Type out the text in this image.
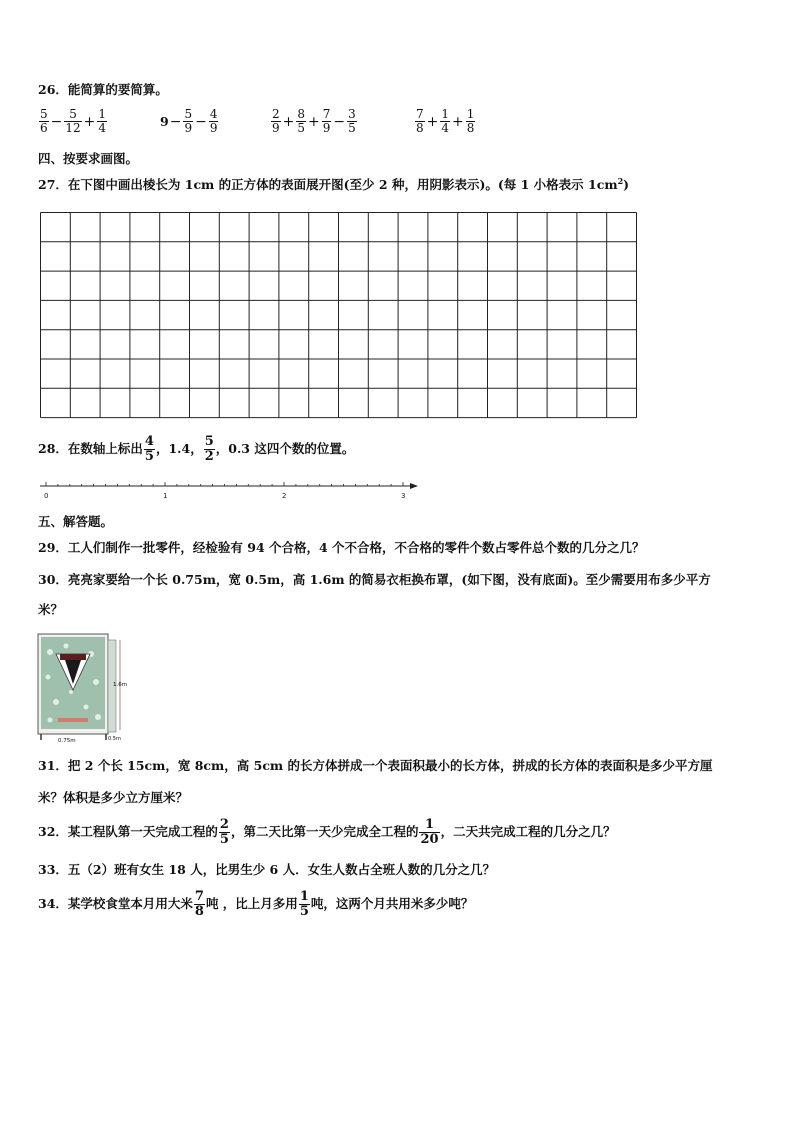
26．能简算的要简算。
$\frac{5}{6} - \frac{5}{12} + \frac{1}{4}$	$9 - \frac{5}{9} - \frac{4}{9}$	$\frac{2}{9} + \frac{8}{5} + \frac{7}{9} - \frac{3}{5}$	$\frac{7}{8} + \frac{1}{4} + \frac{1}{8}$
四、按要求画图。
27．在下图中画出棱长为 1cm 的正方体的表面展开图(至少 2 种，用阴影表示)。(每 1 小格表示 $1cm^2$)
28．在数轴上标出 $\frac{4}{5}$ ，1.4， $\frac{5}{2}$ ，0.3 这四个数的位置。
0	1	2	3
五、解答题。
29．工人们制作一批零件，经检验有 94 个合格，4 个不合格，不合格的零件个数占零件总个数的几分之几？
30．亮亮家要给一个长 0.75m，宽 0.5m，高 1.6m 的简易衣柜换布罩，(如下图，没有底面)。至少需要用布多少平方
米？
1.6m
0.75m	0.5m
31．把 2 个长 15cm，宽 8cm，高 5cm 的长方体拼成一个表面积最小的长方体，拼成的长方体的表面积是多少平方厘
米？体积是多少立方厘米？
32．某工程队第一天完成工程的 $\frac{2}{5}$ ，第二天比第一天少完成全工程的 $\frac{1}{20}$ ，二天共完成工程的几分之几？
33．五（2）班有女生 18 人，比男生少 6 人．女生人数占全班人数的几分之几？
34．某学校食堂本月用大米 $\frac{7}{8}$ 吨 ，比上月多用 $\frac{1}{5}$ 吨，这两个月共用米多少吨？
